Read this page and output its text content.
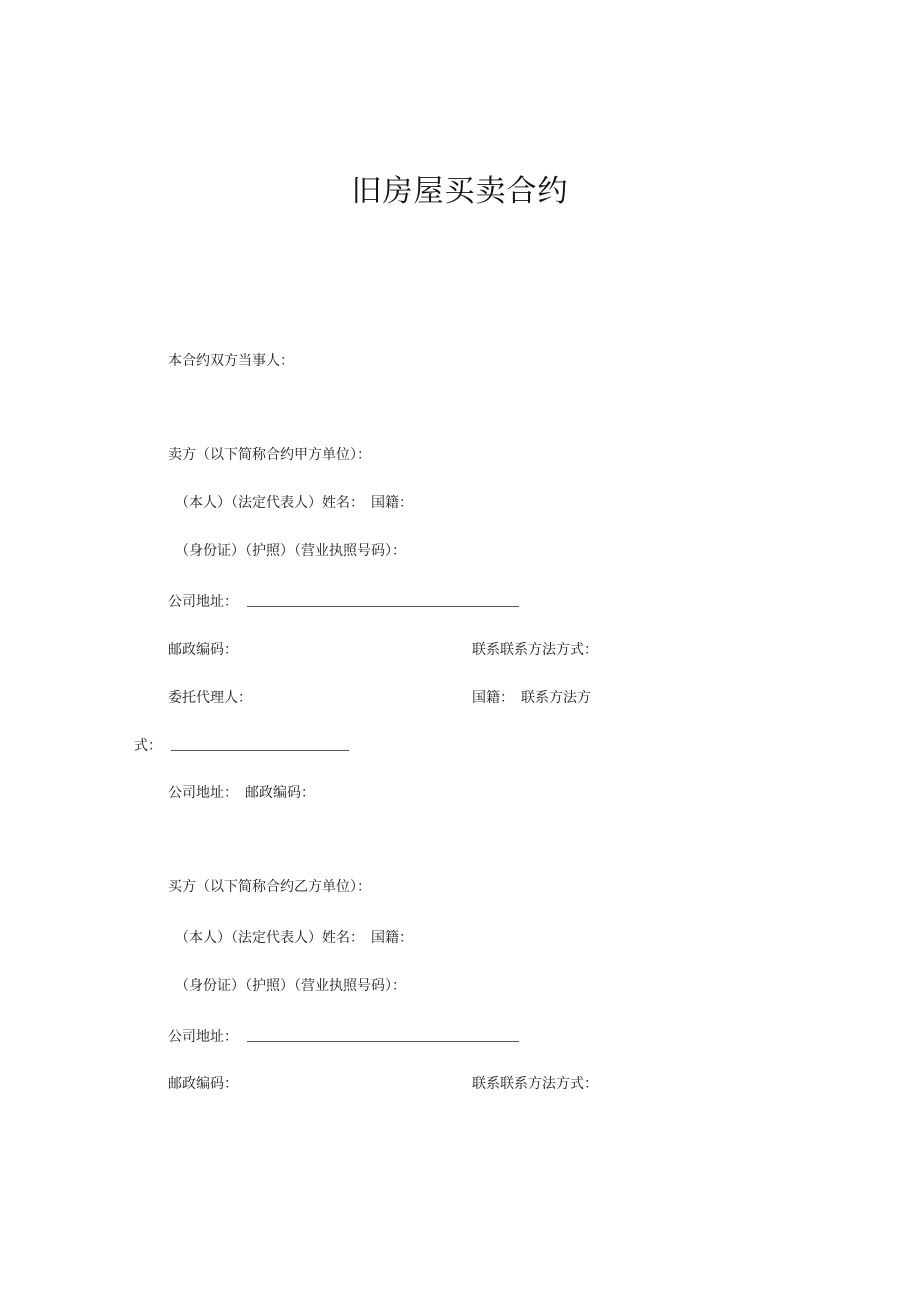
旧房屋买卖合约
本合约双方当事人：
卖方（以下简称合约甲方单位）：
（本人）（法定代表人）姓名：　国籍：
（身份证）（护照）（营业执照号码）：
公司地址：
邮政编码：	联系联系方法方式：
委托代理人：	国籍：　联系方法方
式：
公司地址：　邮政编码：
买方（以下简称合约乙方单位）：
（本人）（法定代表人）姓名：　国籍：
（身份证）（护照）（营业执照号码）：
公司地址：
邮政编码：	联系联系方法方式：
